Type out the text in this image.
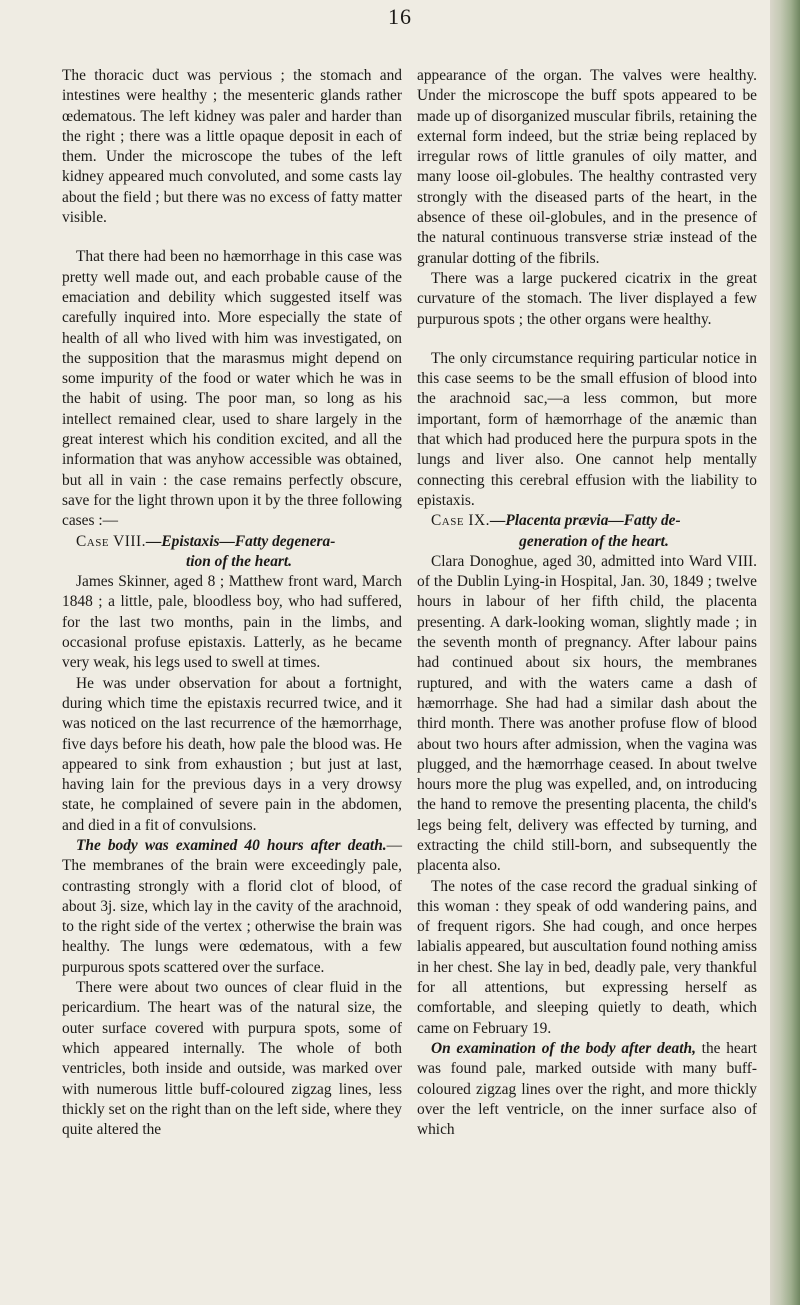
16

The thoracic duct was pervious ; the stomach and intestines were healthy ; the mesenteric glands rather œdematous. The left kidney was paler and harder than the right ; there was a little opaque deposit in each of them. Under the microscope the tubes of the left kidney appeared much convoluted, and some casts lay about the field ; but there was no excess of fatty matter visible.

That there had been no hæmorrhage in this case was pretty well made out, and each probable cause of the emaciation and debility which suggested itself was carefully inquired into. More especially the state of health of all who lived with him was investigated, on the supposition that the marasmus might depend on some impurity of the food or water which he was in the habit of using. The poor man, so long as his intellect remained clear, used to share largely in the great interest which his condition excited, and all the information that was anyhow accessible was obtained, but all in vain : the case remains perfectly obscure, save for the light thrown upon it by the three following cases :—

Case VIII.—Epistaxis—Fatty degenera-
tion of the heart.

James Skinner, aged 8 ; Matthew front ward, March 1848 ; a little, pale, bloodless boy, who had suffered, for the last two months, pain in the limbs, and occasional profuse epistaxis. Latterly, as he became very weak, his legs used to swell at times.

He was under observation for about a fortnight, during which time the epistaxis recurred twice, and it was noticed on the last recurrence of the hæmorrhage, five days before his death, how pale the blood was. He appeared to sink from exhaustion ; but just at last, having lain for the previous days in a very drowsy state, he complained of severe pain in the abdomen, and died in a fit of convulsions.

The body was examined 40 hours after death.—The membranes of the brain were exceedingly pale, contrasting strongly with a florid clot of blood, of about 3j. size, which lay in the cavity of the arachnoid, to the right side of the vertex ; otherwise the brain was healthy. The lungs were œdematous, with a few purpurous spots scattered over the surface.

There were about two ounces of clear fluid in the pericardium. The heart was of the natural size, the outer surface covered with purpura spots, some of which appeared internally. The whole of both ventricles, both inside and outside, was marked over with numerous little buff-coloured zigzag lines, less thickly set on the right than on the left side, where they quite altered the

appearance of the organ. The valves were healthy. Under the microscope the buff spots appeared to be made up of disorganized muscular fibrils, retaining the external form indeed, but the striæ being replaced by irregular rows of little granules of oily matter, and many loose oil-globules. The healthy contrasted very strongly with the diseased parts of the heart, in the absence of these oil-globules, and in the presence of the natural continuous transverse striæ instead of the granular dotting of the fibrils.

There was a large puckered cicatrix in the great curvature of the stomach. The liver displayed a few purpurous spots ; the other organs were healthy.

The only circumstance requiring particular notice in this case seems to be the small effusion of blood into the arachnoid sac,—a less common, but more important, form of hæmorrhage of the anæmic than that which had produced here the purpura spots in the lungs and liver also. One cannot help mentally connecting this cerebral effusion with the liability to epistaxis.

Case IX.—Placenta prævia—Fatty de-
generation of the heart.

Clara Donoghue, aged 30, admitted into Ward VIII. of the Dublin Lying-in Hospital, Jan. 30, 1849 ; twelve hours in labour of her fifth child, the placenta presenting. A dark-looking woman, slightly made ; in the seventh month of pregnancy. After labour pains had continued about six hours, the membranes ruptured, and with the waters came a dash of hæmorrhage. She had had a similar dash about the third month. There was another profuse flow of blood about two hours after admission, when the vagina was plugged, and the hæmorrhage ceased. In about twelve hours more the plug was expelled, and, on introducing the hand to remove the presenting placenta, the child's legs being felt, delivery was effected by turning, and extracting the child still-born, and subsequently the placenta also.

The notes of the case record the gradual sinking of this woman : they speak of odd wandering pains, and of frequent rigors. She had cough, and once herpes labialis appeared, but auscultation found nothing amiss in her chest. She lay in bed, deadly pale, very thankful for all attentions, but expressing herself as comfortable, and sleeping quietly to death, which came on February 19.

On examination of the body after death, the heart was found pale, marked outside with many buff-coloured zigzag lines over the right, and more thickly over the left ventricle, on the inner surface also of which
